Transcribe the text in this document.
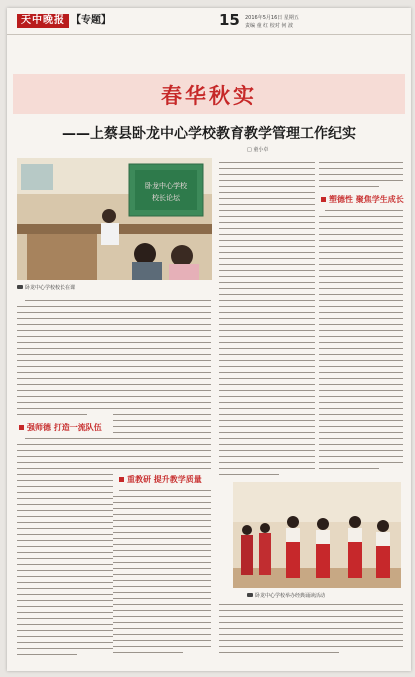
天中晚报 【专题】	15 2016年5月16日 星期五
责编 童 红 校对 何 波
春华秋实
——上蔡县卧龙中心学校教育教学管理工作纪实
□ 童小卓
卧龙中心学校
校长论坛
卧龙中心学校校长在课
强师德 打造一流队伍
重教研 提升教学质量
塑德性 聚焦学生成长
卧龙中心学校举办经典诵读活动
